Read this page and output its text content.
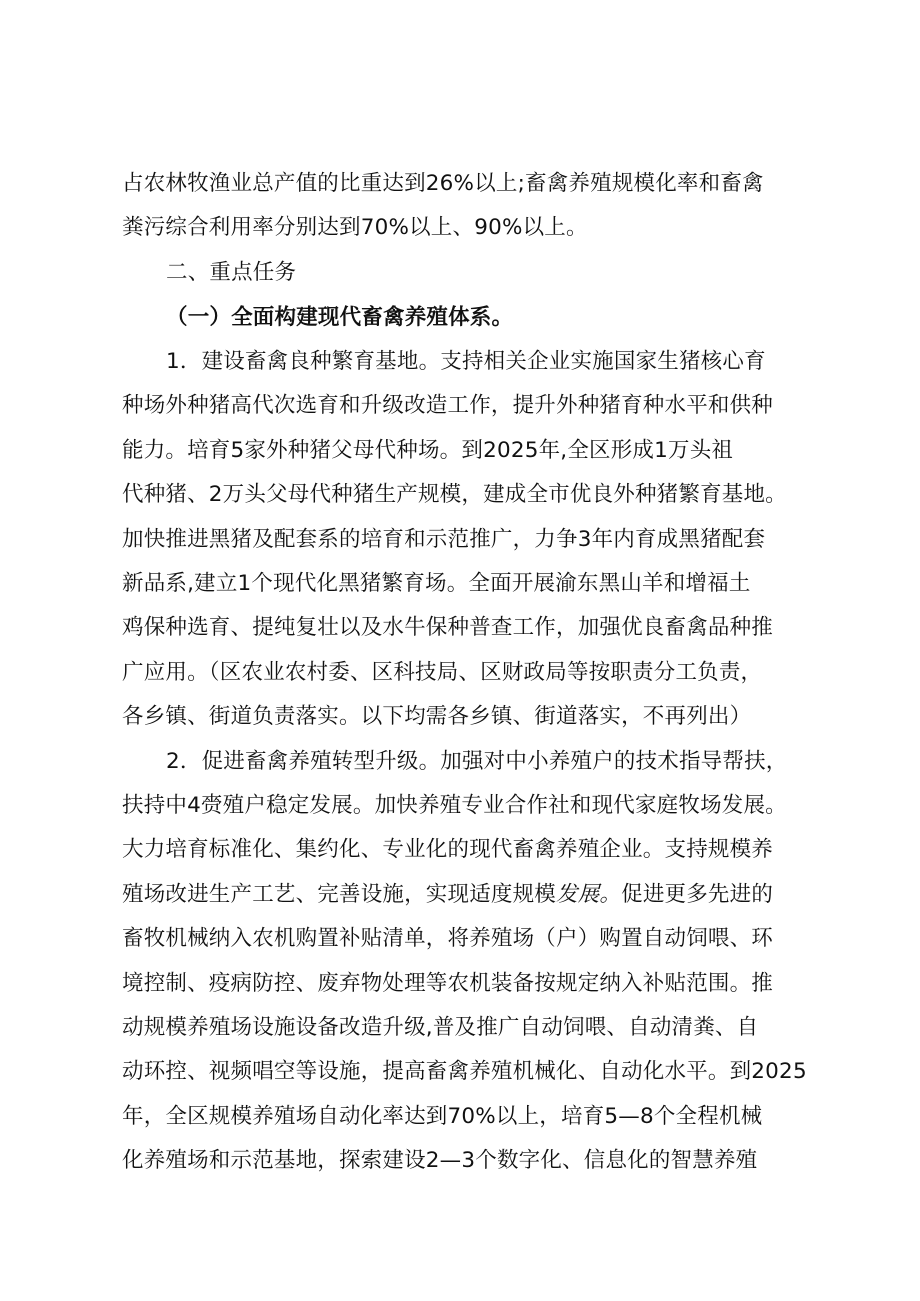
占农林牧渔业总产值的比重达到26%以上;畜禽养殖规模化率和畜禽
粪污综合利用率分别达到70%以上、90%以上。
二、重点任务
（一）全面构建现代畜禽养殖体系。
1．建设畜禽良种繁育基地。支持相关企业实施国家生猪核心育
种场外种猪高代次选育和升级改造工作，提升外种猪育种水平和供种
能力。培育5家外种猪父母代种场。到2025年,全区形成1万头祖
代种猪、2万头父母代种猪生产规模，建成全市优良外种猪繁育基地。
加快推进黑猪及配套系的培育和示范推广，力争3年内育成黑猪配套
新品系,建立1个现代化黑猪繁育场。全面开展渝东黑山羊和增福土
鸡保种选育、提纯复壮以及水牛保种普查工作，加强优良畜禽品种推
广应用。（区农业农村委、区科技局、区财政局等按职责分工负责，
各乡镇、街道负责落实。以下均需各乡镇、街道落实，不再列出）
2．促进畜禽养殖转型升级。加强对中小养殖户的技术指导帮扶，
扶持中4赍殖户稳定发展。加快养殖专业合作社和现代家庭牧场发展。
大力培育标准化、集约化、专业化的现代畜禽养殖企业。支持规模养
殖场改进生产工艺、完善设施，实现适度规模发展。促进更多先进的
畜牧机械纳入农机购置补贴清单，将养殖场（户）购置自动饲喂、环
境控制、疫病防控、废弃物处理等农机装备按规定纳入补贴范围。推
动规模养殖场设施设备改造升级,普及推广自动饲喂、自动清粪、自
动环控、视频唱空等设施，提高畜禽养殖机械化、自动化水平。到2025
年，全区规模养殖场自动化率达到70%以上，培育5—8个全程机械
化养殖场和示范基地，探索建设2—3个数字化、信息化的智慧养殖
